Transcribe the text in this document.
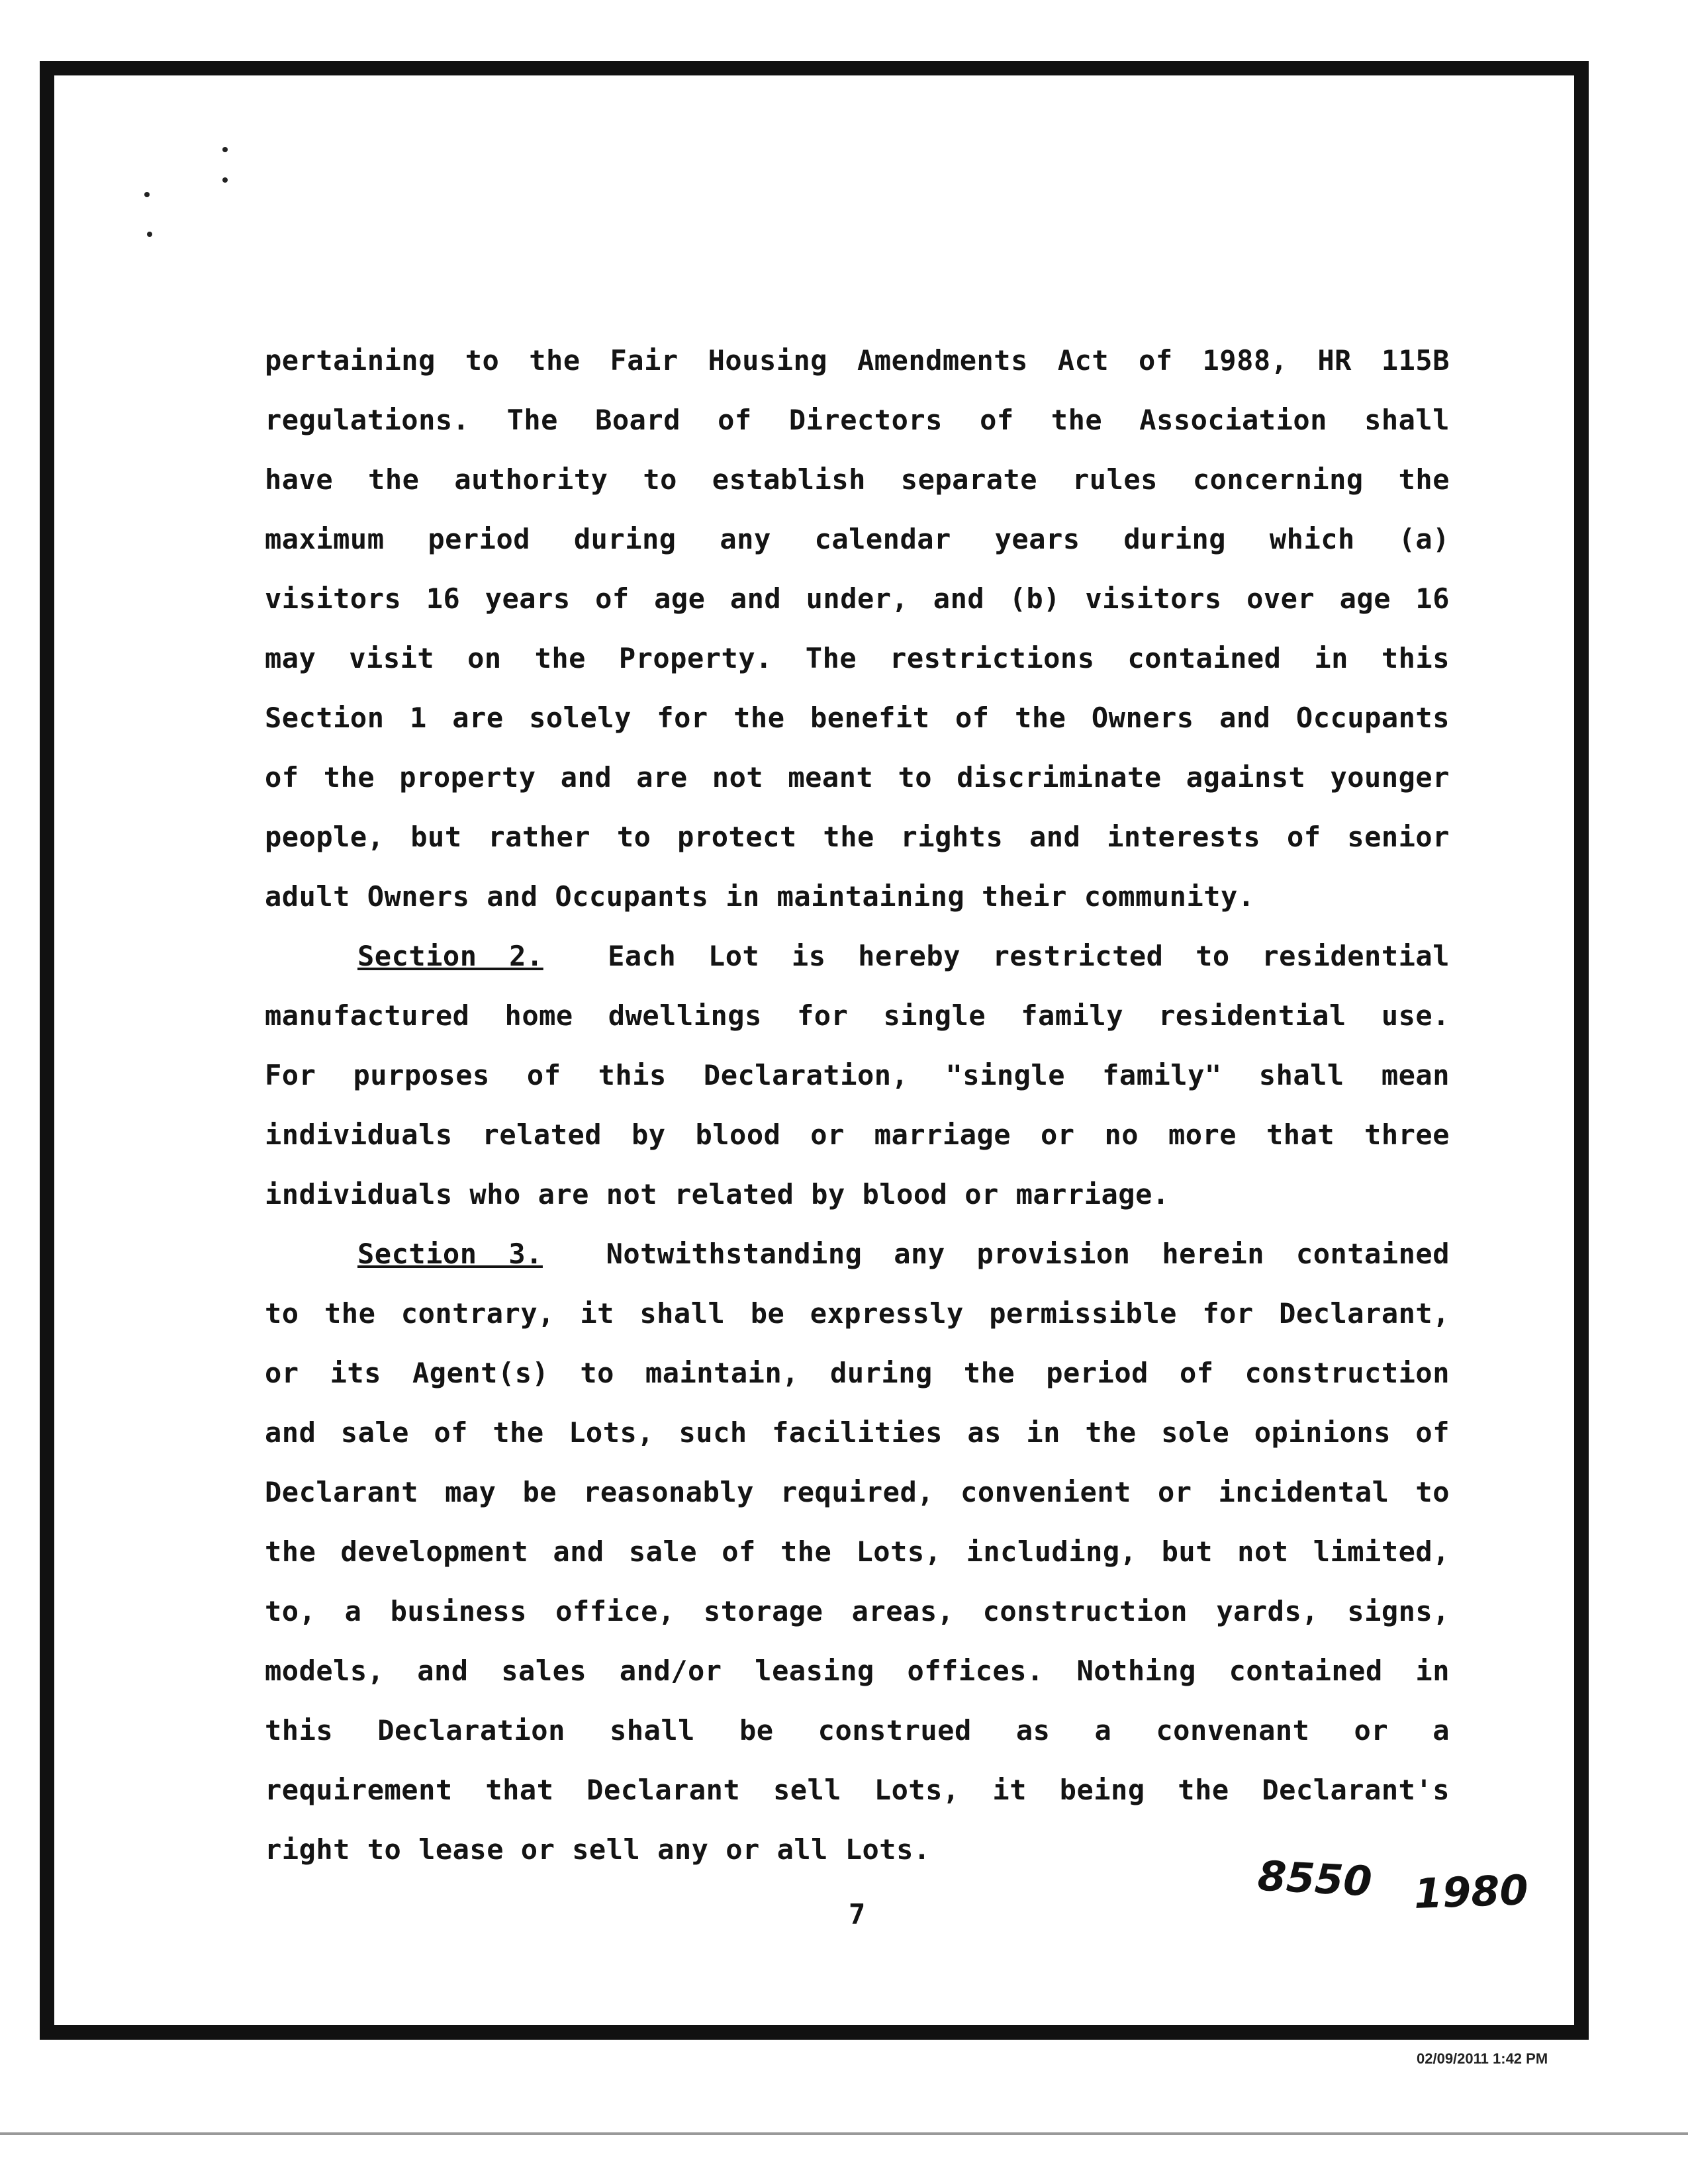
pertaining to the Fair Housing Amendments Act of 1988, HR 115B
regulations. The Board of Directors of the Association shall
have the authority to establish separate rules concerning the
maximum period during any calendar years during which (a)
visitors 16 years of age and under, and (b) visitors over age 16
may visit on the Property. The restrictions contained in this
Section 1 are solely for the benefit of the Owners and Occupants
of the property and are not meant to discriminate against younger
people, but rather to protect the rights and interests of senior
adult Owners and Occupants in maintaining their community.
Section 2. Each Lot is hereby restricted to residential
manufactured home dwellings for single family residential use.
For purposes of this Declaration, "single family" shall mean
individuals related by blood or marriage or no more that three
individuals who are not related by blood or marriage.
Section 3. Notwithstanding any provision herein contained
to the contrary, it shall be expressly permissible for Declarant,
or its Agent(s) to maintain, during the period of construction
and sale of the Lots, such facilities as in the sole opinions of
Declarant may be reasonably required, convenient or incidental to
the development and sale of the Lots, including, but not limited,
to, a business office, storage areas, construction yards, signs,
models, and sales and/or leasing offices. Nothing contained in
this Declaration shall be construed as a convenant or a
requirement that Declarant sell Lots, it being the Declarant's
right to lease or sell any or all Lots.
8550 1980
7
02/09/2011 1:42 PM
